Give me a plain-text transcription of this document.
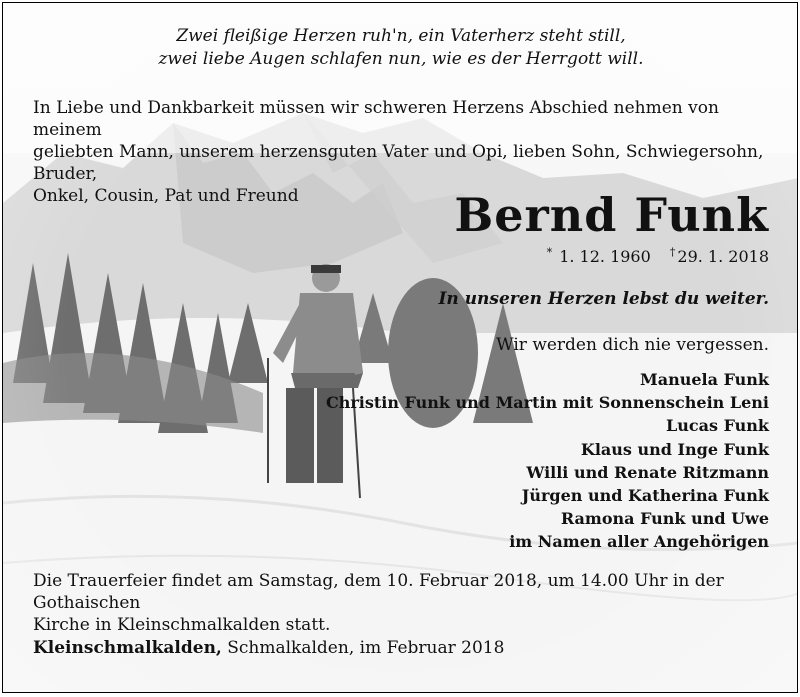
Zwei fleißige Herzen ruh'n, ein Vaterherz steht still,
zwei liebe Augen schlafen nun, wie es der Herrgott will.
In Liebe und Dankbarkeit müssen wir schweren Herzens Abschied nehmen von meinem
geliebten Mann, unserem herzensguten Vater und Opi, lieben Sohn, Schwiegersohn, Bruder,
Onkel, Cousin, Pat und Freund	Bernd Funk
* 1. 12. 1960 † 29. 1. 2018
In unseren Herzen lebst du weiter.
Wir werden dich nie vergessen.
Manuela Funk
Christin Funk und Martin mit Sonnenschein Leni
Lucas Funk
Klaus und Inge Funk
Willi und Renate Ritzmann
Jürgen und Katherina Funk
Ramona Funk und Uwe
im Namen aller Angehörigen
Die Trauerfeier findet am Samstag, dem 10. Februar 2018, um 14.00 Uhr in der Gothaischen
Kirche in Kleinschmalkalden statt.
Kleinschmalkalden, Schmalkalden, im Februar 2018
